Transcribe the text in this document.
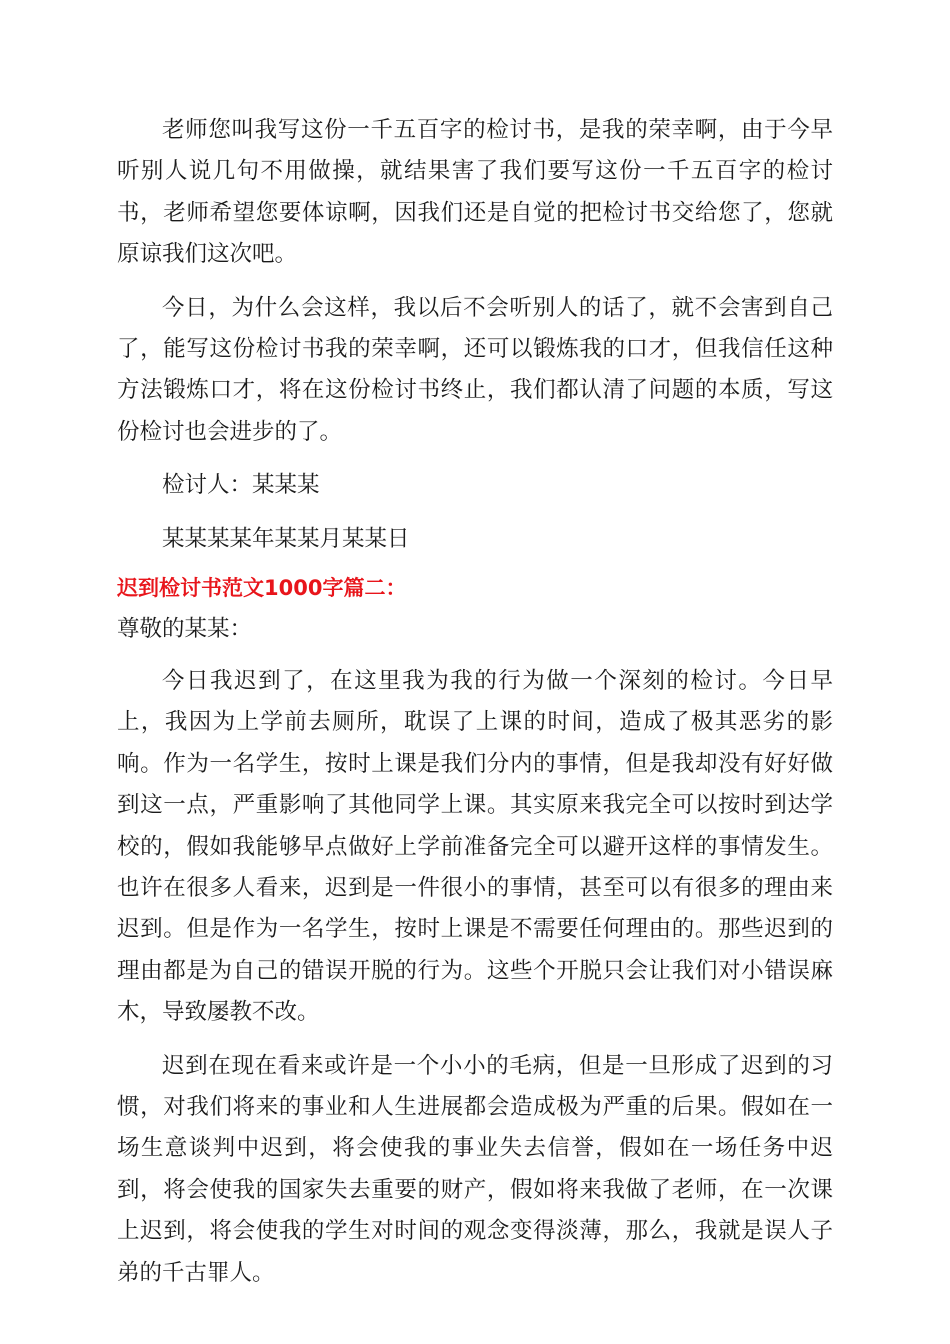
老师您叫我写这份一千五百字的检讨书，是我的荣幸啊，由于今早听别人说几句不用做操，就结果害了我们要写这份一千五百字的检讨书，老师希望您要体谅啊，因我们还是自觉的把检讨书交给您了，您就原谅我们这次吧。

今日，为什么会这样，我以后不会听别人的话了，就不会害到自己了，能写这份检讨书我的荣幸啊，还可以锻炼我的口才，但我信任这种方法锻炼口才，将在这份检讨书终止，我们都认清了问题的本质，写这份检讨也会进步的了。

检讨人：某某某

某某某某年某某月某某日

迟到检讨书范文1000字篇二：

尊敬的某某：

今日我迟到了，在这里我为我的行为做一个深刻的检讨。今日早上，我因为上学前去厕所，耽误了上课的时间，造成了极其恶劣的影响。作为一名学生，按时上课是我们分内的事情，但是我却没有好好做到这一点，严重影响了其他同学上课。其实原来我完全可以按时到达学校的，假如我能够早点做好上学前准备完全可以避开这样的事情发生。也许在很多人看来，迟到是一件很小的事情，甚至可以有很多的理由来迟到。但是作为一名学生，按时上课是不需要任何理由的。那些迟到的理由都是为自己的错误开脱的行为。这些个开脱只会让我们对小错误麻木，导致屡教不改。

迟到在现在看来或许是一个小小的毛病，但是一旦形成了迟到的习惯，对我们将来的事业和人生进展都会造成极为严重的后果。假如在一场生意谈判中迟到，将会使我的事业失去信誉，假如在一场任务中迟到，将会使我的国家失去重要的财产，假如将来我做了老师，在一次课上迟到，将会使我的学生对时间的观念变得淡薄，那么，我就是误人子弟的千古罪人。
